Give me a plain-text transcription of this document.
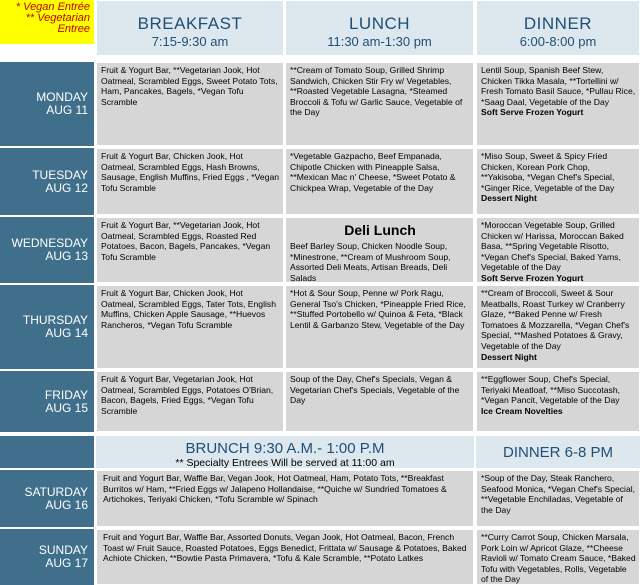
* Vegan Entrée
** Vegetarian
Entree	BREAKFAST
7:15-9:30 am
LUNCH
11:30 am-1:30 pm
DINNER
6:00-8:00 pm
MONDAY
AUG 11
Fruit & Yogurt Bar, **Vegetarian Jook, Hot Oatmeal, Scrambled Eggs, Sweet Potato Tots, Ham, Pancakes, Bagels, *Vegan Tofu Scramble
**Cream of Tomato Soup, Grilled Shrimp Sandwich, Chicken Stir Fry w/ Vegetables, **Roasted Vegetable Lasagna, *Steamed Broccoli & Tofu w/ Garlic Sauce, Vegetable of the Day
Lentil Soup, Spanish Beef Stew, Chicken Tikka Masala, **Tortellini w/ Fresh Tomato Basil Sauce, *Pullau Rice, *Saag Daal, Vegetable of the Day
Soft Serve Frozen Yogurt
TUESDAY
AUG 12
Fruit & Yogurt Bar, Chicken Jook, Hot Oatmeal, Scrambled Eggs, Hash Browns, Sausage, English Muffins, Fried Eggs , *Vegan Tofu Scramble
*Vegetable Gazpacho, Beef Empanada, Chipotle Chicken with Pineapple Salsa, **Mexican Mac n' Cheese, *Sweet Potato & Chickpea Wrap, Vegetable of the Day
*Miso Soup, Sweet & Spicy Fried Chicken, Korean Pork Chop, **Yakisoba, *Vegan Chef's Special, *Ginger Rice, Vegetable of the Day
Dessert Night
WEDNESDAY
AUG 13
Fruit & Yogurt Bar, **Vegetarian Jook, Hot Oatmeal, Scrambled Eggs, Roasted Red Potatoes, Bacon, Bagels, Pancakes, *Vegan Tofu Scramble
Deli Lunch
Beef Barley Soup, Chicken Noodle Soup, *Minestrone, **Cream of Mushroom Soup, Assorted Deli Meats, Artisan Breads, Deli Salads
*Moroccan Vegetable Soup, Grilled Chicken w/ Harissa, Moroccan Baked Basa, **Spring Vegetable Risotto, *Vegan Chef's Special, Baked Yams, Vegetable of the Day
Soft Serve Frozen Yogurt
THURSDAY
AUG 14
Fruit & Yogurt Bar, Chicken Jook, Hot Oatmeal, Scrambled Eggs, Tater Tots, English Muffins, Chicken Apple Sausage, **Huevos Rancheros, *Vegan Tofu Scramble
*Hot & Sour Soup, Penne w/ Pork Ragu, General Tso's Chicken, *Pineapple Fried Rice, **Stuffed Portobello w/ Quinoa & Feta, *Black Lentil & Garbanzo Stew, Vegetable of the Day
**Cream of Broccoli, Sweet & Sour Meatballs, Roast Turkey w/ Cranberry Glaze, **Baked Penne w/ Fresh Tomatoes & Mozzarella, *Vegan Chef's Special, **Mashed Potatoes & Gravy, Vegetable of the Day
Dessert Night
FRIDAY
AUG 15
Fruit & Yogurt Bar, Vegetarian Jook, Hot Oatmeal, Scrambled Eggs, Potatoes O'Brian, Bacon, Bagels, Fried Eggs, *Vegan Tofu Scramble
Soup of the Day, Chef's Specials, Vegan & Vegetarian Chef's Specials, Vegetable of the Day
**Eggflower Soup, Chef's Special, Teriyaki Meatloaf, **Miso Succotash, *Vegan Pancit, Vegetable of the Day
Ice Cream Novelties
BRUNCH 9:30 A.M.- 1:00 P.M
** Specialty Entrees Will be served at 11:00 am
DINNER 6-8 PM
SATURDAY
AUG 16
Fruit and Yogurt Bar, Waffle Bar, Vegan Jook, Hot Oatmeal, Ham, Potato Tots, **Breakfast Burritos w/ Ham, **Fried Eggs w/ Jalapeno Hollandaise, **Quiche w/ Sundried Tomatoes & Artichokes, Teriyaki Chicken, *Tofu Scramble w/ Spinach
*Soup of the Day, Steak Ranchero, Seafood Monica, *Vegan Chef's Special, **Vegetable Enchiladas, Vegetable of the Day
SUNDAY
AUG 17
Fruit and Yogurt Bar, Waffle Bar, Assorted Donuts, Vegan Jook, Hot Oatmeal, Bacon, French Toast w/ Fruit Sauce, Roasted Potatoes, Eggs Benedict, Frittata w/ Sausage & Potatoes, Baked Achiote Chicken, **Bowtie Pasta Primavera, *Tofu & Kale Scramble, **Potato Latkes
**Curry Carrot Soup, Chicken Marsala, Pork Loin w/ Apricot Glaze, **Cheese Ravioli w/ Tomato Cream Sauce, *Baked Tofu with Vegetables, Rolls, Vegetable of the Day
